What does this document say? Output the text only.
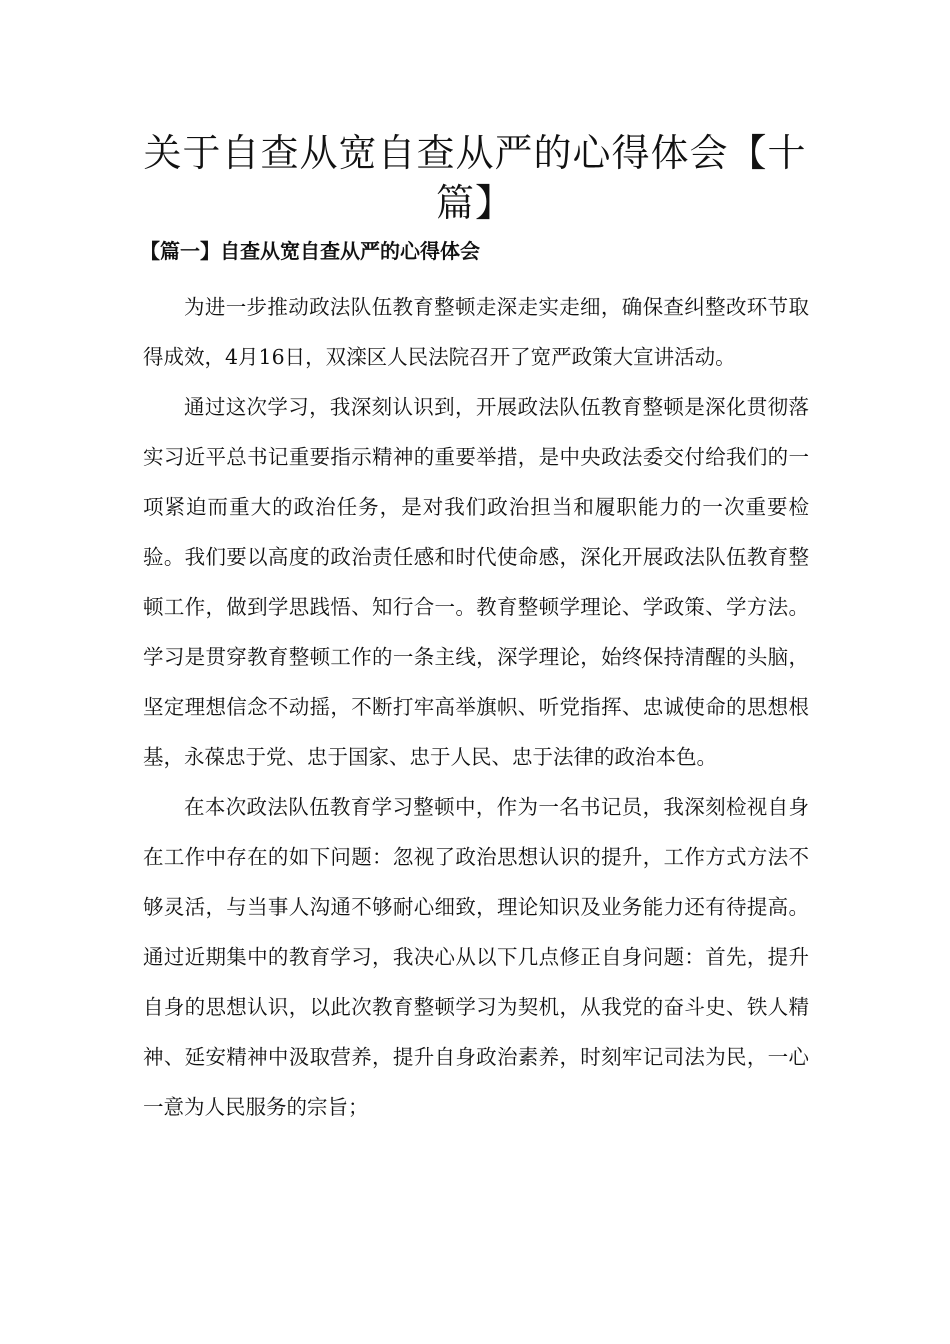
关于自查从宽自查从严的心得体会【十篇】
【篇一】自查从宽自查从严的心得体会

为进一步推动政法队伍教育整顿走深走实走细，确保查纠整改环节取得成效，4月16日，双滦区人民法院召开了宽严政策大宣讲活动。

通过这次学习，我深刻认识到，开展政法队伍教育整顿是深化贯彻落实习近平总书记重要指示精神的重要举措，是中央政法委交付给我们的一项紧迫而重大的政治任务，是对我们政治担当和履职能力的一次重要检验。我们要以高度的政治责任感和时代使命感，深化开展政法队伍教育整顿工作，做到学思践悟、知行合一。教育整顿学理论、学政策、学方法。学习是贯穿教育整顿工作的一条主线，深学理论，始终保持清醒的头脑，坚定理想信念不动摇，不断打牢高举旗帜、听党指挥、忠诚使命的思想根基，永葆忠于党、忠于国家、忠于人民、忠于法律的政治本色。

在本次政法队伍教育学习整顿中，作为一名书记员，我深刻检视自身在工作中存在的如下问题：忽视了政治思想认识的提升，工作方式方法不够灵活，与当事人沟通不够耐心细致，理论知识及业务能力还有待提高。通过近期集中的教育学习，我决心从以下几点修正自身问题：首先，提升自身的思想认识，以此次教育整顿学习为契机，从我党的奋斗史、铁人精神、延安精神中汲取营养，提升自身政治素养，时刻牢记司法为民，一心一意为人民服务的宗旨；
